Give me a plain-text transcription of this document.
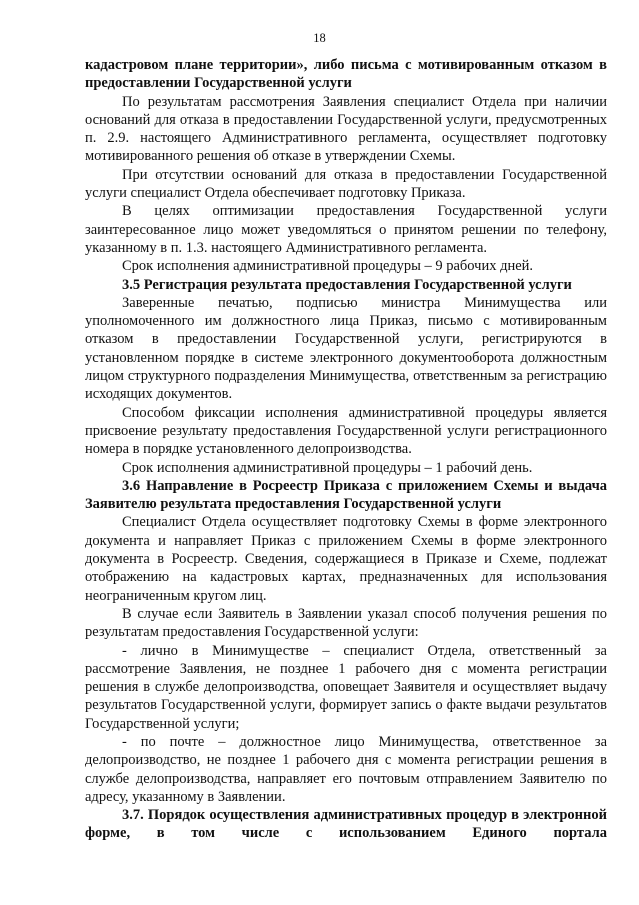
18

кадастровом плане территории», либо письма с мотивированным отказом в предоставлении Государственной услуги

По результатам рассмотрения Заявления специалист Отдела при наличии оснований для отказа в предоставлении Государственной услуги, предусмотренных п. 2.9. настоящего Административного регламента, осуществляет подготовку мотивированного решения об отказе в утверждении Схемы.

При отсутствии оснований для отказа в предоставлении Государственной услуги специалист Отдела обеспечивает подготовку Приказа.

В целях оптимизации предоставления Государственной услуги заинтересованное лицо может уведомляться о принятом решении по телефону, указанному в п. 1.3. настоящего Административного регламента.

Срок исполнения административной процедуры – 9 рабочих дней.

3.5 Регистрация результата предоставления Государственной услуги

Заверенные печатью, подписью министра Минимущества или уполномоченного им должностного лица Приказ, письмо с мотивированным отказом в предоставлении Государственной услуги, регистрируются в установленном порядке в системе электронного документооборота должностным лицом структурного подразделения Минимущества, ответственным за регистрацию исходящих документов.

Способом фиксации исполнения административной процедуры является присвоение результату предоставления Государственной услуги регистрационного номера в порядке установленного делопроизводства.

Срок исполнения административной процедуры – 1 рабочий день.

3.6 Направление в Росреестр Приказа с приложением Схемы и выдача Заявителю результата предоставления Государственной услуги

Специалист Отдела осуществляет подготовку Схемы в форме электронного документа и направляет Приказ с приложением Схемы в форме электронного документа в Росреестр. Сведения, содержащиеся в Приказе и Схеме, подлежат отображению на кадастровых картах, предназначенных для использования неограниченным кругом лиц.

В случае если Заявитель в Заявлении указал способ получения решения по результатам предоставления Государственной услуги:

- лично в Минимуществе – специалист Отдела, ответственный за рассмотрение Заявления, не позднее 1 рабочего дня с момента регистрации решения в службе делопроизводства, оповещает Заявителя и осуществляет выдачу результатов Государственной услуги, формирует запись о факте выдачи результатов Государственной услуги;

- по почте – должностное лицо Минимущества, ответственное за делопроизводство, не позднее 1 рабочего дня с момента регистрации решения в службе делопроизводства, направляет его почтовым отправлением Заявителю по адресу, указанному в Заявлении.

3.7. Порядок осуществления административных процедур в электронной форме, в том числе с использованием Единого портала
